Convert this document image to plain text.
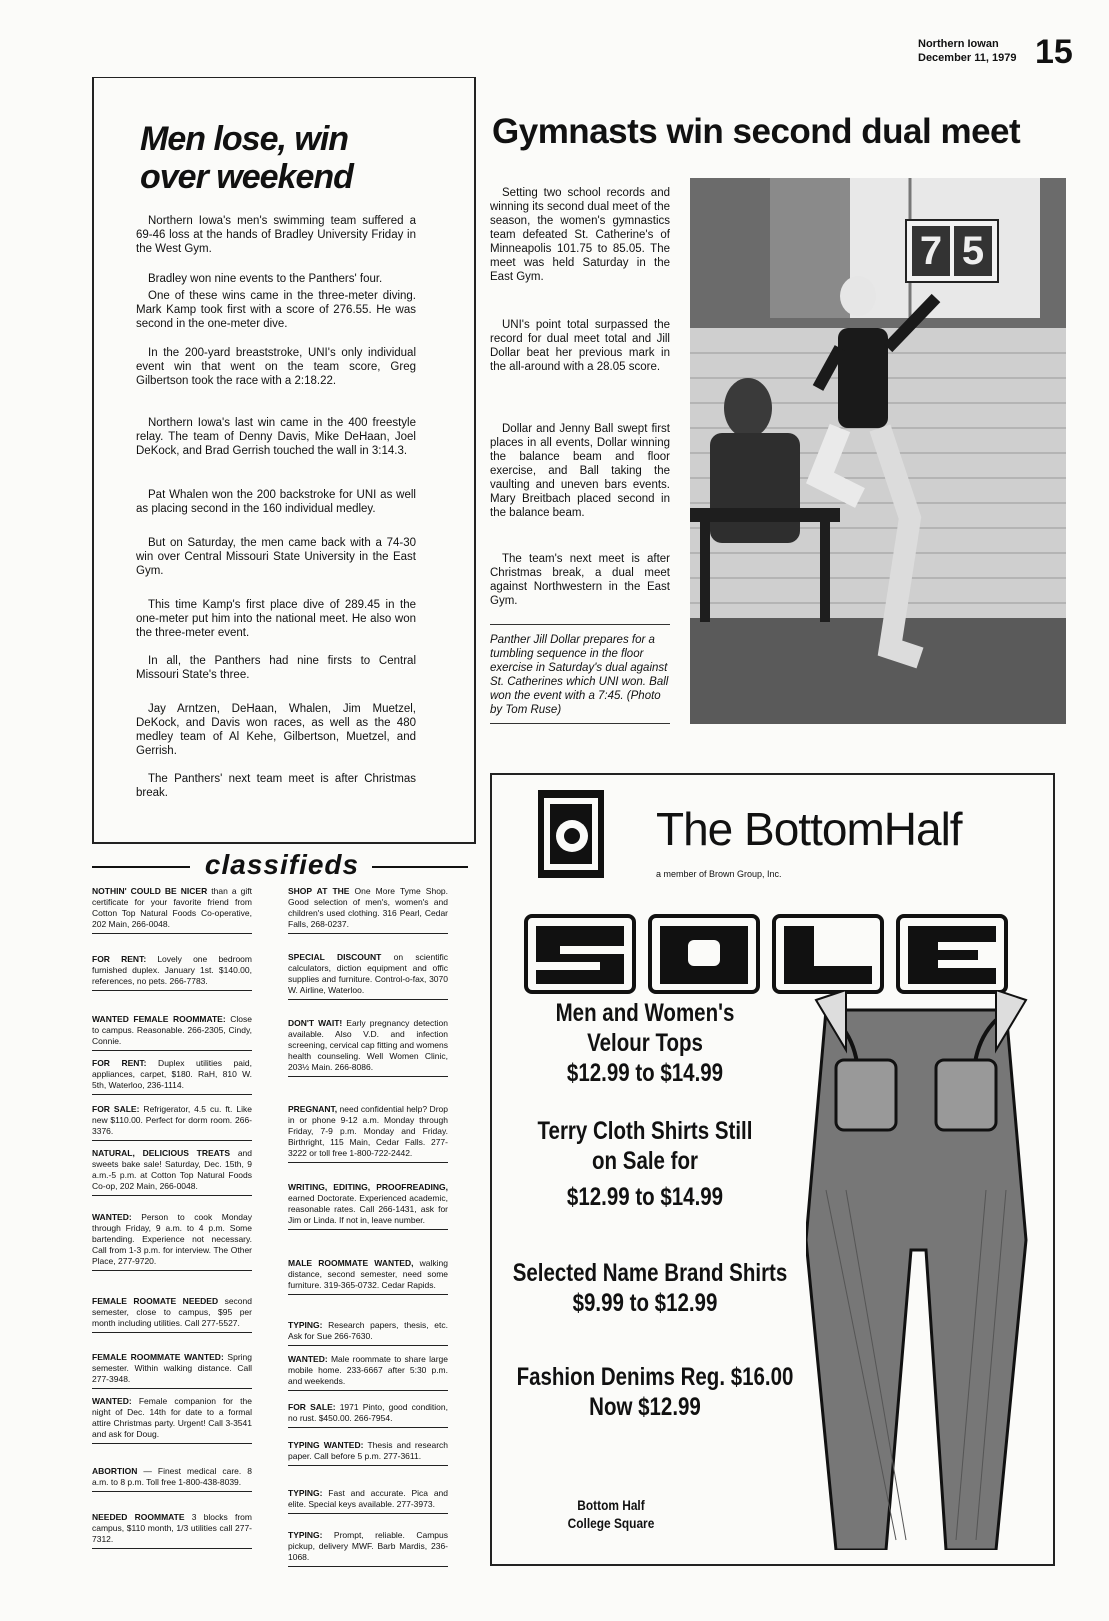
Northern Iowan
December 11, 1979 15
Men lose, win
over weekend

Northern Iowa's men's swimming team suffered a 69-46 loss at the hands of Bradley University Friday in the West Gym.

Bradley won nine events to the Panthers' four.

One of these wins came in the three-meter diving. Mark Kamp took first with a score of 276.55. He was second in the one-meter dive.

In the 200-yard breaststroke, UNI's only individual event win that went on the team score, Greg Gilbertson took the race with a 2:18.22.

Northern Iowa's last win came in the 400 freestyle relay. The team of Denny Davis, Mike DeHaan, Joel DeKock, and Brad Gerrish touched the wall in 3:14.3.

Pat Whalen won the 200 backstroke for UNI as well as placing second in the 160 individual medley.

But on Saturday, the men came back with a 74-30 win over Central Missouri State University in the East Gym.

This time Kamp's first place dive of 289.45 in the one-meter put him into the national meet. He also won the three-meter event.

In all, the Panthers had nine firsts to Central Missouri State's three.

Jay Arntzen, DeHaan, Whalen, Jim Muetzel, DeKock, and Davis won races, as well as the 480 medley team of Al Kehe, Gilbertson, Muetzel, and Gerrish.

The Panthers' next team meet is after Christmas break.

Gymnasts win second dual meet

Setting two school records and winning its second dual meet of the season, the women's gymnastics team defeated St. Catherine's of Minneapolis 101.75 to 85.05. The meet was held Saturday in the East Gym.

UNI's point total surpassed the record for dual meet total and Jill Dollar beat her previous mark in the all-around with a 28.05 score.

Dollar and Jenny Ball swept first places in all events, Dollar winning the balance beam and floor exercise, and Ball taking the vaulting and uneven bars events. Mary Breitbach placed second in the balance beam.

The team's next meet is after Christmas break, a dual meet against Northwestern in the East Gym.

Panther Jill Dollar prepares for a tumbling sequence in the floor exercise in Saturday's dual against St. Catherines which UNI won. Ball won the event with a 7:45. (Photo by Tom Ruse)
7 5
classifieds
NOTHIN' COULD BE NICER than a gift certificate for your favorite friend from Cotton Top Natural Foods Co-operative, 202 Main, 266-0048.
FOR RENT: Lovely one bedroom furnished duplex. January 1st. $140.00, references, no pets. 266-7783.
WANTED FEMALE ROOMMATE: Close to campus. Reasonable. 266-2305, Cindy, Connie.
FOR RENT: Duplex utilities paid, appliances, carpet, $180. RaH, 810 W. 5th, Waterloo, 236-1114.
FOR SALE: Refrigerator, 4.5 cu. ft. Like new $110.00. Perfect for dorm room. 266-3376.
NATURAL, DELICIOUS TREATS and sweets bake sale! Saturday, Dec. 15th, 9 a.m.-5 p.m. at Cotton Top Natural Foods Co-op, 202 Main, 266-0048.
WANTED: Person to cook Monday through Friday, 9 a.m. to 4 p.m. Some bartending. Experience not necessary. Call from 1-3 p.m. for interview. The Other Place, 277-9720.
FEMALE ROOMATE NEEDED second semester, close to campus, $95 per month including utilities. Call 277-5527.
FEMALE ROOMMATE WANTED: Spring semester. Within walking distance. Call 277-3948.
WANTED: Female companion for the night of Dec. 14th for date to a formal attire Christmas party. Urgent! Call 3-3541 and ask for Doug.
ABORTION — Finest medical care. 8 a.m. to 8 p.m. Toll free 1-800-438-8039.
NEEDED ROOMMATE 3 blocks from campus, $110 month, 1/3 utilities call 277-7312.
SHOP AT THE One More Tyme Shop. Good selection of men's, women's and children's used clothing. 316 Pearl, Cedar Falls, 268-0237.
SPECIAL DISCOUNT on scientific calculators, diction equipment and offic supplies and furniture. Control-o-fax, 3070 W. Airline, Waterloo.
DON'T WAIT! Early pregnancy detection available. Also V.D. and infection screening, cervical cap fitting and womens health counseling. Well Women Clinic, 203½ Main. 266-8086.
PREGNANT, need confidential help? Drop in or phone 9-12 a.m. Monday through Friday, 7-9 p.m. Monday and Friday. Birthright, 115 Main, Cedar Falls. 277-3222 or toll free 1-800-722-2442.
WRITING, EDITING, PROOFREADING, earned Doctorate. Experienced academic, reasonable rates. Call 266-1431, ask for Jim or Linda. If not in, leave number.
MALE ROOMMATE WANTED, walking distance, second semester, need some furniture. 319-365-0732. Cedar Rapids.
TYPING: Research papers, thesis, etc. Ask for Sue 266-7630.
WANTED: Male roommate to share large mobile home. 233-6667 after 5:30 p.m. and weekends.
FOR SALE: 1971 Pinto, good condition, no rust. $450.00. 266-7954.
TYPING WANTED: Thesis and research paper. Call before 5 p.m. 277-3611.
TYPING: Fast and accurate. Pica and elite. Special keys available. 277-3973.
TYPING: Prompt, reliable. Campus pickup, delivery MWF. Barb Mardis, 236-1068.
The BottomHalf
a member of Brown Group, Inc.
SALE
Men and Women's Velour Tops
$12.99 to $14.99
Terry Cloth Shirts Still on Sale for
$12.99 to $14.99
Selected Name Brand Shirts
$9.99 to $12.99
Fashion Denims Reg. $16.00
Now $12.99
Bottom Half
College Square
